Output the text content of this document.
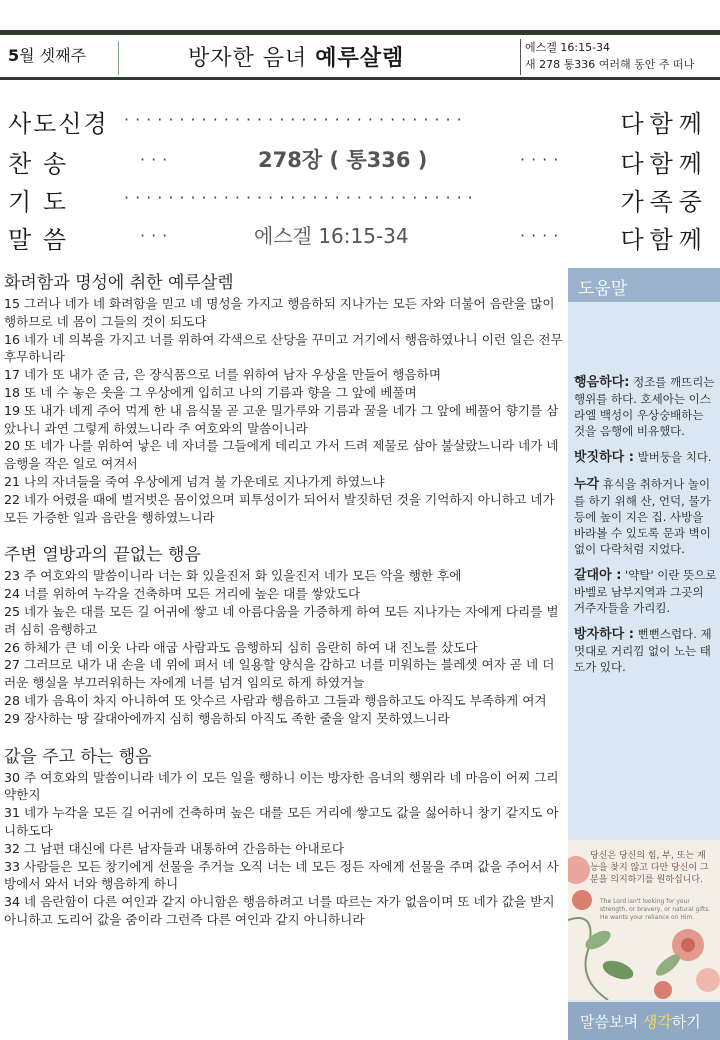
5월 셋째주	방자한 음녀 예루살렘	에스겔 16:15-34
새 278 통336 여러해 동안 주 떠나
사도신경 ·······························	다함께
찬 송	···	278장 ( 통336 )	···· 다함께
기 도	································	가족중
말 씀	···	에스겔 16:15-34	···· 다함께
화려함과 명성에 취한 예루살렘
15 그러나 네가 네 화려함을 믿고 네 명성을 가지고 행음하되 지나가는 모든 자와 더불어 음란을 많이 행하므로 네 몸이 그들의 것이 되도다
16 네가 네 의복을 가지고 너를 위하여 각색으로 산당을 꾸미고 거기에서 행음하였나니 이런 일은 전무후무하니라
17 네가 또 내가 준 금, 은 장식품으로 너를 위하여 남자 우상을 만들어 행음하며
18 또 네 수 놓은 옷을 그 우상에게 입히고 나의 기름과 향을 그 앞에 베풀며
19 또 내가 네게 주어 먹게 한 내 음식물 곧 고운 밀가루와 기름과 꿀을 네가 그 앞에 베풀어 향기를 삼았나니 과연 그렇게 하였느니라 주 여호와의 말씀이니라
20 또 네가 나를 위하여 낳은 네 자녀를 그들에게 데리고 가서 드려 제물로 삼아 불살랐느니라 네가 네 음행을 작은 일로 여겨서
21 나의 자녀들을 죽여 우상에게 넘겨 불 가운데로 지나가게 하였느냐
22 네가 어렸을 때에 벌거벗은 몸이었으며 피투성이가 되어서 발짓하던 것을 기억하지 아니하고 네가 모든 가증한 일과 음란을 행하였느니라
주변 열방과의 끝없는 행음
23 주 여호와의 말씀이니라 너는 화 있을진저 화 있을진저 네가 모든 악을 행한 후에
24 너를 위하여 누각을 건축하며 모든 거리에 높은 대를 쌓았도다
25 네가 높은 대를 모든 길 어귀에 쌓고 네 아름다움을 가증하게 하여 모든 지나가는 자에게 다리를 벌려 심히 음행하고
26 하체가 큰 네 이웃 나라 애굽 사람과도 음행하되 심히 음란히 하여 내 진노를 샀도다
27 그러므로 내가 내 손을 네 위에 펴서 네 일용할 양식을 감하고 너를 미워하는 블레셋 여자 곧 네 더러운 행실을 부끄러워하는 자에게 너를 넘겨 임의로 하게 하였거늘
28 네가 음욕이 차지 아니하여 또 앗수르 사람과 행음하고 그들과 행음하고도 아직도 부족하게 여겨
29 장사하는 땅 갈대아에까지 심히 행음하되 아직도 족한 줄을 알지 못하였느니라
값을 주고 하는 행음
30 주 여호와의 말씀이니라 네가 이 모든 일을 행하니 이는 방자한 음녀의 행위라 네 마음이 어찌 그리 약한지
31 네가 누각을 모든 길 어귀에 건축하며 높은 대를 모든 거리에 쌓고도 값을 싫어하니 창기 같지도 아니하도다
32 그 남편 대신에 다른 남자들과 내통하여 간음하는 아내로다
33 사람들은 모든 창기에게 선물을 주거늘 오직 너는 네 모든 정든 자에게 선물을 주며 값을 주어서 사방에서 와서 너와 행음하게 하니
34 네 음란함이 다른 여인과 같지 아니함은 행음하려고 너를 따르는 자가 없음이며 또 네가 값을 받지 아니하고 도리어 값을 줌이라 그런즉 다른 여인과 같지 아니하니라
도움말

행음하다: 정조를 깨뜨리는 행위를 하다. 호세아는 이스라엘 백성이 우상숭배하는 것을 음행에 비유했다.

밧짓하다 : 발버둥을 치다.

누각 휴식을 취하거나 놀이를 하기 위해 산, 언덕, 물가 등에 높이 지은 집. 사방을 바라볼 수 있도록 문과 벽이 없이 다락처럼 지었다.

갈대아 : '약탈' 이란 뜻으로 바벨로 남부지역과 그곳의 거주자들을 가리킴.

방자하다 : 뻔뻔스럽다. 제멋대로 거리낌 없이 노는 태도가 있다.

당신은 당신의 힘, 부, 또는 재능을 찾지 않고 다만 당신이 그분을 의지하기를 원하십니다.
The Lord isn't looking for your strength, or bravery, or natural gifts. He wants your reliance on Him.
말씀보며 생각하기
